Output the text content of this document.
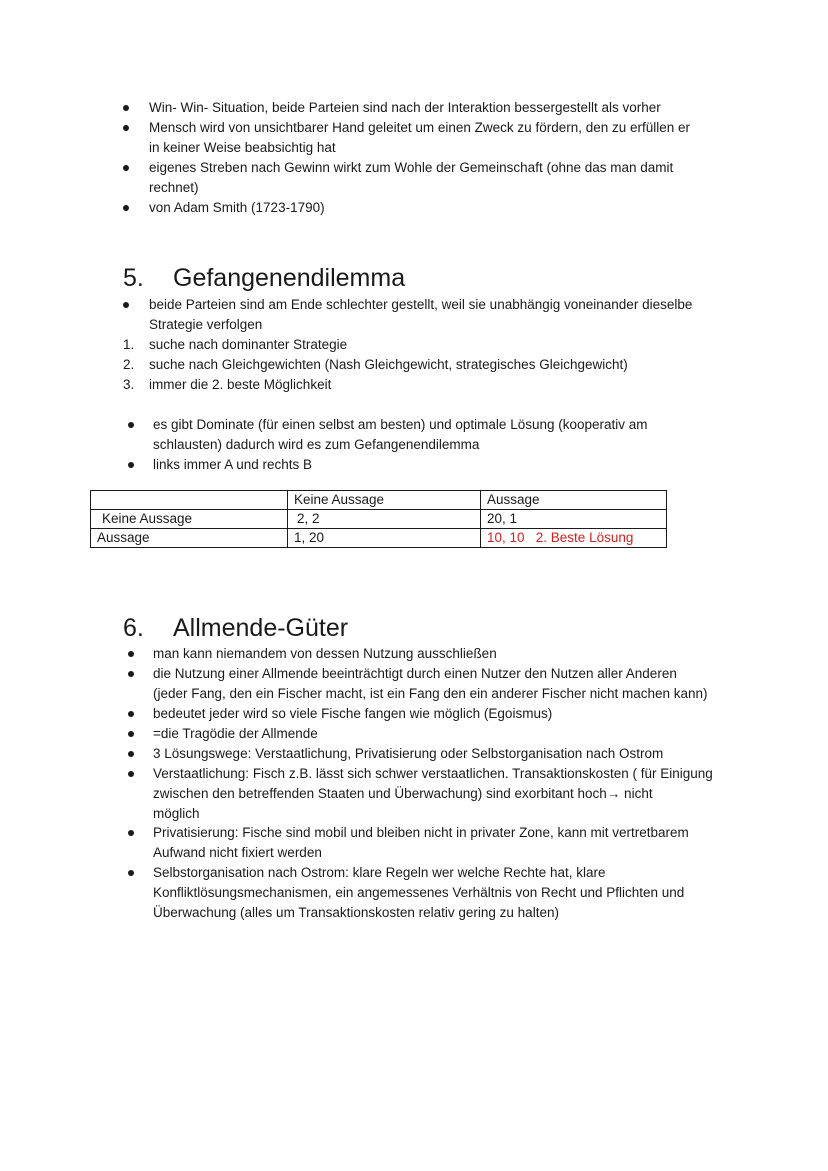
Win- Win- Situation, beide Parteien sind nach der Interaktion bessergestellt als vorher
Mensch wird von unsichtbarer Hand geleitet um einen Zweck zu fördern, den zu erfüllen er
in keiner Weise beabsichtig hat
eigenes Streben nach Gewinn wirkt zum Wohle der Gemeinschaft (ohne das man damit
rechnet)
von Adam Smith (1723-1790)
5. Gefangenendilemma
beide Parteien sind am Ende schlechter gestellt, weil sie unabhängig voneinander dieselbe
Strategie verfolgen
1. suche nach dominanter Strategie
2. suche nach Gleichgewichten (Nash Gleichgewicht, strategisches Gleichgewicht)
3. immer die 2. beste Möglichkeit
es gibt Dominate (für einen selbst am besten) und optimale Lösung (kooperativ am
schlausten) dadurch wird es zum Gefangenendilemma
links immer A und rechts B
	Keine Aussage	Aussage
Keine Aussage	2, 2	20, 1
Aussage	1, 20	10, 10   2. Beste Lösung
6. Allmende-Güter
man kann niemandem von dessen Nutzung ausschließen
die Nutzung einer Allmende beeinträchtigt durch einen Nutzer den Nutzen aller Anderen
(jeder Fang, den ein Fischer macht, ist ein Fang den ein anderer Fischer nicht machen kann)
bedeutet jeder wird so viele Fische fangen wie möglich (Egoismus)
=die Tragödie der Allmende
3 Lösungswege: Verstaatlichung, Privatisierung oder Selbstorganisation nach Ostrom
Verstaatlichung: Fisch z.B. lässt sich schwer verstaatlichen. Transaktionskosten ( für Einigung
zwischen den betreffenden Staaten und Überwachung) sind exorbitant hoch→ nicht
möglich
Privatisierung: Fische sind mobil und bleiben nicht in privater Zone, kann mit vertretbarem
Aufwand nicht fixiert werden
Selbstorganisation nach Ostrom: klare Regeln wer welche Rechte hat, klare
Konfliktlösungsmechanismen, ein angemessenes Verhältnis von Recht und Pflichten und
Überwachung (alles um Transaktionskosten relativ gering zu halten)
